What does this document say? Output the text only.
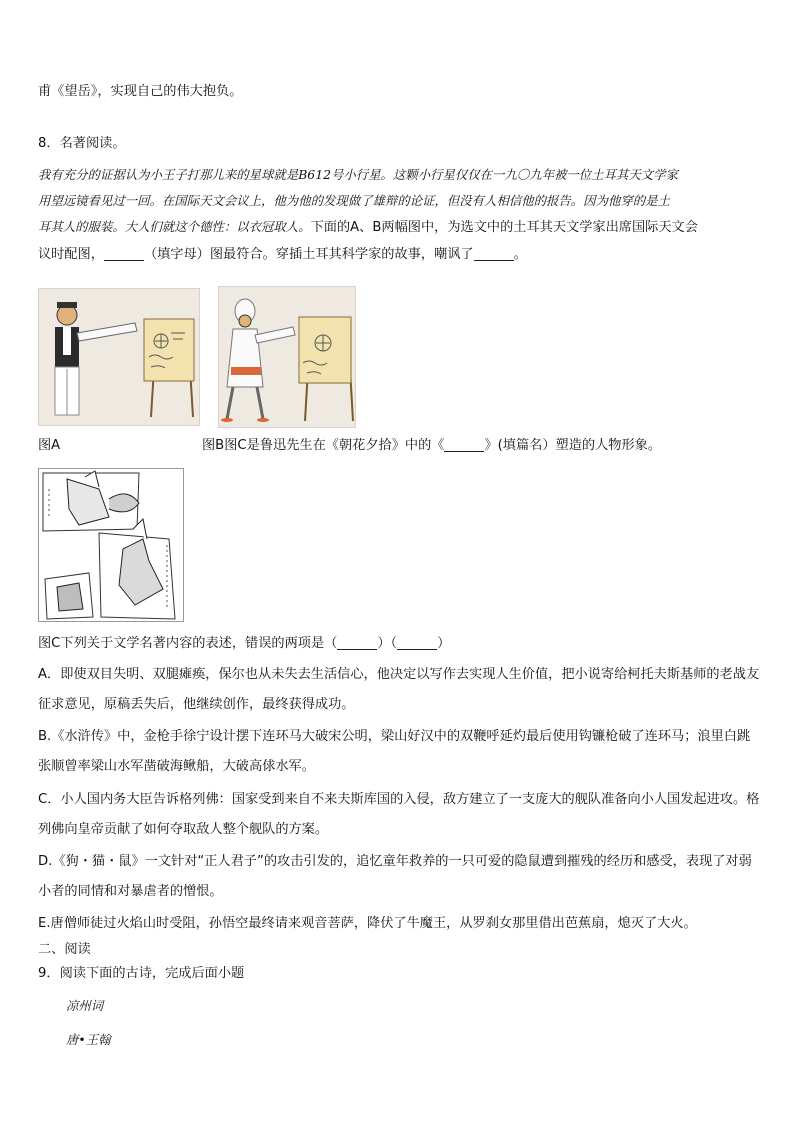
甫《望岳》，实现自己的伟大抱负。
8．名著阅读。
我有充分的证据认为小王子打那儿来的星球就是B612号小行星。这颗小行星仅仅在一九〇九年被一位土耳其天文学家
用望远镜看见过一回。在国际天文会议上，他为他的发现做了雄辩的论证，但没有人相信他的报告。因为他穿的是土
耳其人的服装。大人们就这个德性：以衣冠取人。下面的A、B两幅图中，为选文中的土耳其天文学家出席国际天文会
议时配图，	（填字母）图最符合。穿插土耳其科学家的故事，嘲讽了	。
图A	图B图C是鲁迅先生在《朝花夕拾》中的《	》(填篇名）塑造的人物形象。
图C下列关于文学名著内容的表述，错误的两项是（	）（	）
A．即使双目失明、双腿瘫痪，保尔也从未失去生活信心，他决定以写作去实现人生价值，把小说寄给柯托夫斯基师的老战友征求意见，原稿丢失后，他继续创作，最终获得成功。
B.《水浒传》中，金枪手徐宁设计摆下连环马大破宋公明，梁山好汉中的双鞭呼延灼最后使用钩镰枪破了连环马；浪里白跳张顺曾率梁山水军凿破海鳅船，大破高俅水军。
C．小人国内务大臣告诉格列佛：国家受到来自不来夫斯库国的入侵，敌方建立了一支庞大的舰队准备向小人国发起进攻。格列佛向皇帝贡献了如何夺取敌人整个舰队的方案。
D.《狗・猫・鼠》一文针对“正人君子”的攻击引发的，追忆童年救养的一只可爱的隐鼠遭到摧残的经历和感受，表现了对弱小者的同情和对暴虐者的憎恨。
E.唐僧师徒过火焰山时受阻，孙悟空最终请来观音菩萨，降伏了牛魔王，从罗刹女那里借出芭蕉扇，熄灭了大火。
二、阅读
9．阅读下面的古诗，完成后面小题
凉州词
唐•王翰
